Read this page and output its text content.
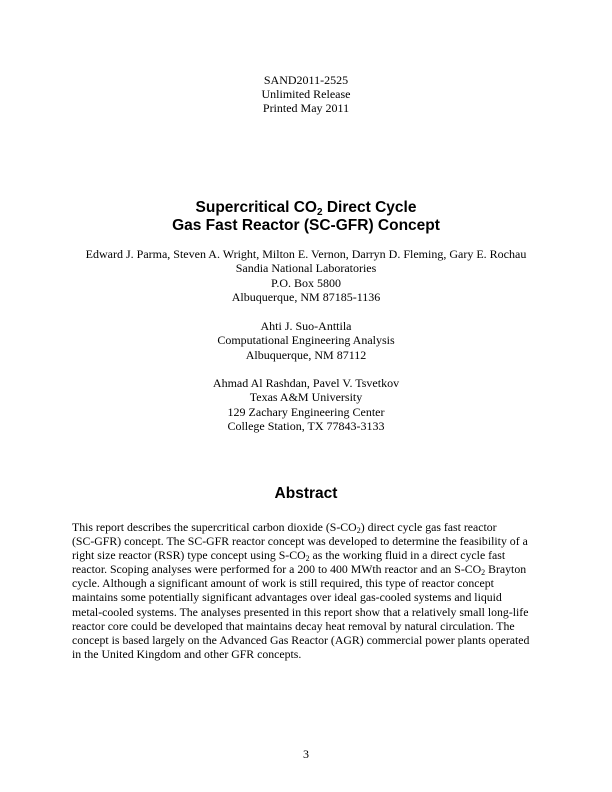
SAND2011-2525
Unlimited Release
Printed May 2011
Supercritical $CO_2$ Direct Cycle
Gas Fast Reactor (SC-GFR) Concept
Edward J. Parma, Steven A. Wright, Milton E. Vernon, Darryn D. Fleming, Gary E. Rochau
Sandia National Laboratories
P.O. Box 5800
Albuquerque, NM 87185-1136
Ahti J. Suo-Anttila
Computational Engineering Analysis
Albuquerque, NM 87112
Ahmad Al Rashdan, Pavel V. Tsvetkov
Texas A&M University
129 Zachary Engineering Center
College Station, TX 77843-3133
Abstract
This report describes the supercritical carbon dioxide $(S-CO_2)$ direct cycle gas fast reactor
(SC-GFR) concept. The SC-GFR reactor concept was developed to determine the feasibility of a
right size reactor (RSR) type concept using $S-CO_2$ as the working fluid in a direct cycle fast
reactor. Scoping analyses were performed for a 200 to 400 MWth reactor and an $S-CO_2$ Brayton
cycle. Although a significant amount of work is still required, this type of reactor concept
maintains some potentially significant advantages over ideal gas-cooled systems and liquid
metal-cooled systems. The analyses presented in this report show that a relatively small long-life
reactor core could be developed that maintains decay heat removal by natural circulation. The
concept is based largely on the Advanced Gas Reactor (AGR) commercial power plants operated
in the United Kingdom and other GFR concepts.
3
